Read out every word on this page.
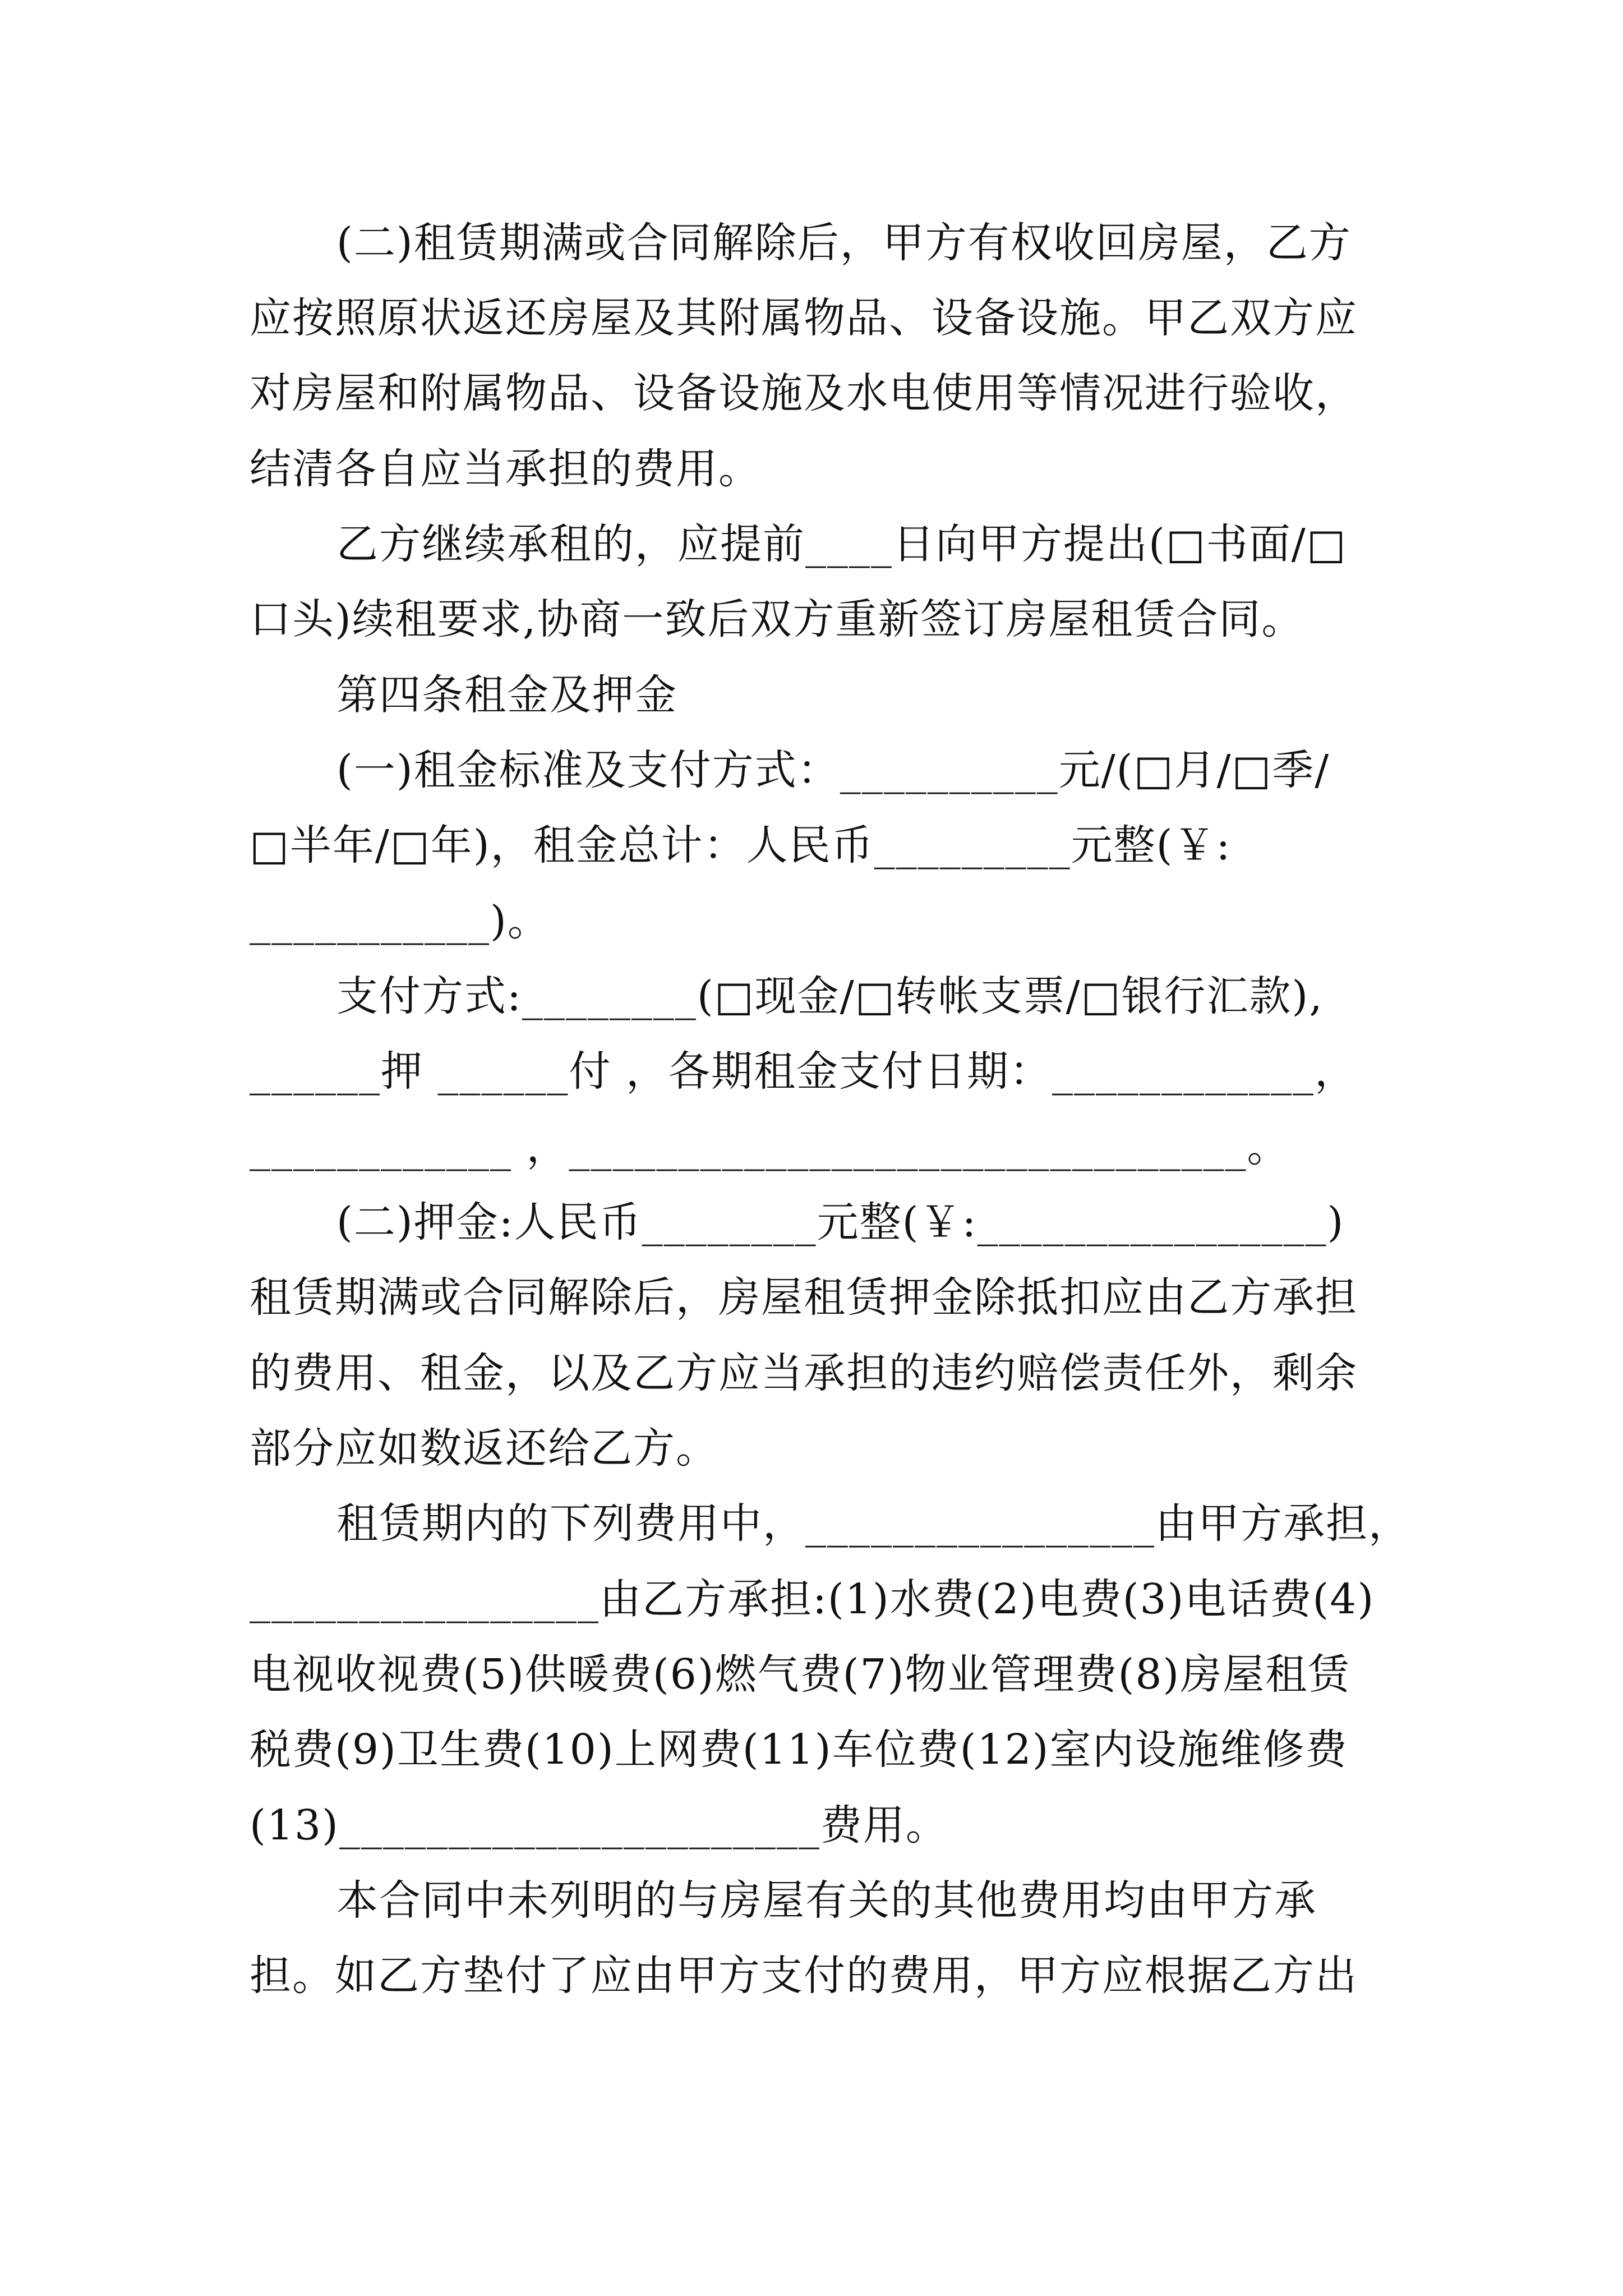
(二)租赁期满或合同解除后，甲方有权收回房屋，乙方
应按照原状返还房屋及其附属物品、设备设施。甲乙双方应
对房屋和附属物品、设备设施及水电使用等情况进行验收，
结清各自应当承担的费用。
乙方继续承租的，应提前____日向甲方提出(□书面/□
口头)续租要求,协商一致后双方重新签订房屋租赁合同。
第四条租金及押金
(一)租金标准及支付方式：__________元/(□月/□季/
□半年/□年)，租金总计：人民币_________元整(￥:
___________)。
支付方式:________(□现金/□转帐支票/□银行汇款),
______押 ______付 ，各期租金支付日期：____________，
____________ ，_______________________________。
(二)押金:人民币________元整(￥:________________)
租赁期满或合同解除后，房屋租赁押金除抵扣应由乙方承担
的费用、租金，以及乙方应当承担的违约赔偿责任外，剩余
部分应如数返还给乙方。
租赁期内的下列费用中，________________由甲方承担，
________________由乙方承担:(1)水费(2)电费(3)电话费(4)
电视收视费(5)供暖费(6)燃气费(7)物业管理费(8)房屋租赁
税费(9)卫生费(10)上网费(11)车位费(12)室内设施维修费
(13)______________________费用。
本合同中未列明的与房屋有关的其他费用均由甲方承
担。如乙方垫付了应由甲方支付的费用，甲方应根据乙方出
